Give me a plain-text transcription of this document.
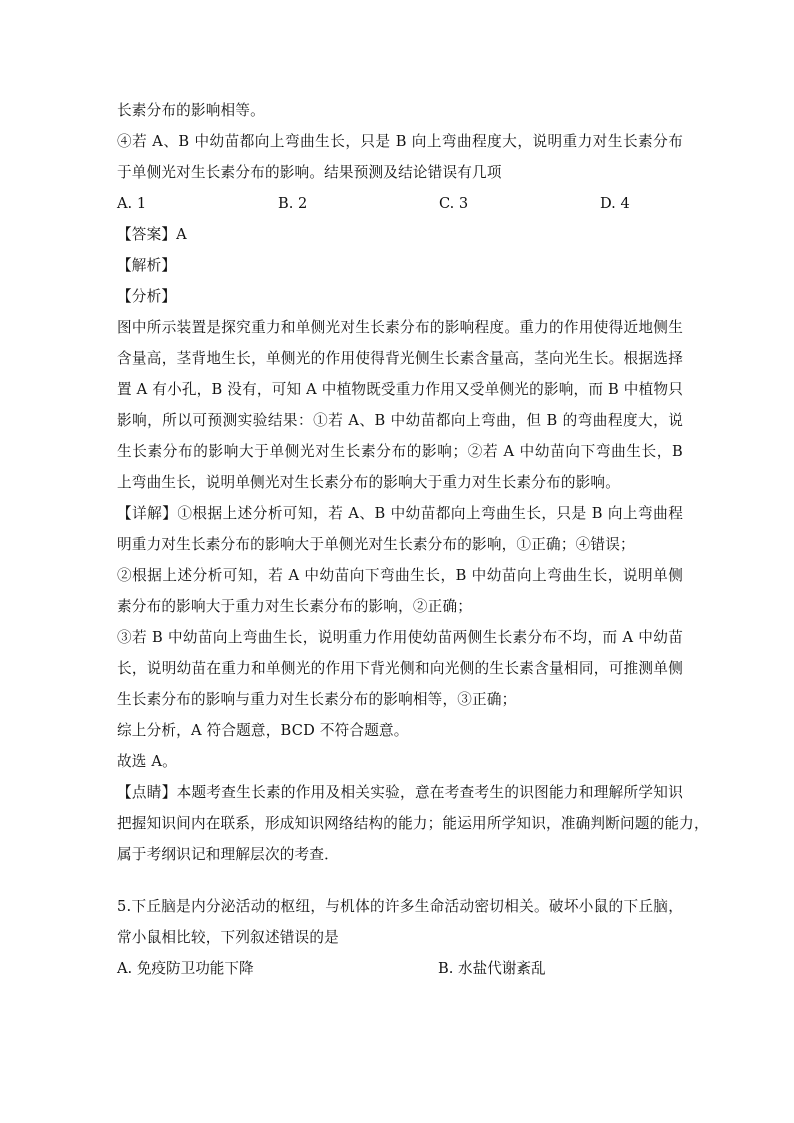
长素分布的影响相等。
④若 A、B 中幼苗都向上弯曲生长，只是 B 向上弯曲程度大，说明重力对生长素分布
于单侧光对生长素分布的影响。结果预测及结论错误有几项
A. 1	B. 2	C. 3	D. 4
【答案】A
【解析】
【分析】
图中所示装置是探究重力和单侧光对生长素分布的影响程度。重力的作用使得近地侧生
含量高，茎背地生长，单侧光的作用使得背光侧生长素含量高，茎向光生长。根据选择
置 A 有小孔，B 没有，可知 A 中植物既受重力作用又受单侧光的影响，而 B 中植物只
影响，所以可预测实验结果：①若 A、B 中幼苗都向上弯曲，但 B 的弯曲程度大，说
生长素分布的影响大于单侧光对生长素分布的影响；②若 A 中幼苗向下弯曲生长，B
上弯曲生长，说明单侧光对生长素分布的影响大于重力对生长素分布的影响。
【详解】①根据上述分析可知，若 A、B 中幼苗都向上弯曲生长，只是 B 向上弯曲程
明重力对生长素分布的影响大于单侧光对生长素分布的影响，①正确；④错误；
②根据上述分析可知，若 A 中幼苗向下弯曲生长，B 中幼苗向上弯曲生长，说明单侧
素分布的影响大于重力对生长素分布的影响，②正确；
③若 B 中幼苗向上弯曲生长，说明重力作用使幼苗两侧生长素分布不均，而 A 中幼苗
长，说明幼苗在重力和单侧光的作用下背光侧和向光侧的生长素含量相同，可推测单侧
生长素分布的影响与重力对生长素分布的影响相等，③正确；
综上分析，A 符合题意，BCD 不符合题意。
故选 A。
【点睛】本题考查生长素的作用及相关实验，意在考查考生的识图能力和理解所学知识
把握知识间内在联系，形成知识网络结构的能力；能运用所学知识，准确判断问题的能力，
属于考纲识记和理解层次的考查．
5.下丘脑是内分泌活动的枢纽，与机体的许多生命活动密切相关。破坏小鼠的下丘脑，
常小鼠相比较，下列叙述错误的是
A. 免疫防卫功能下降	B. 水盐代谢紊乱
